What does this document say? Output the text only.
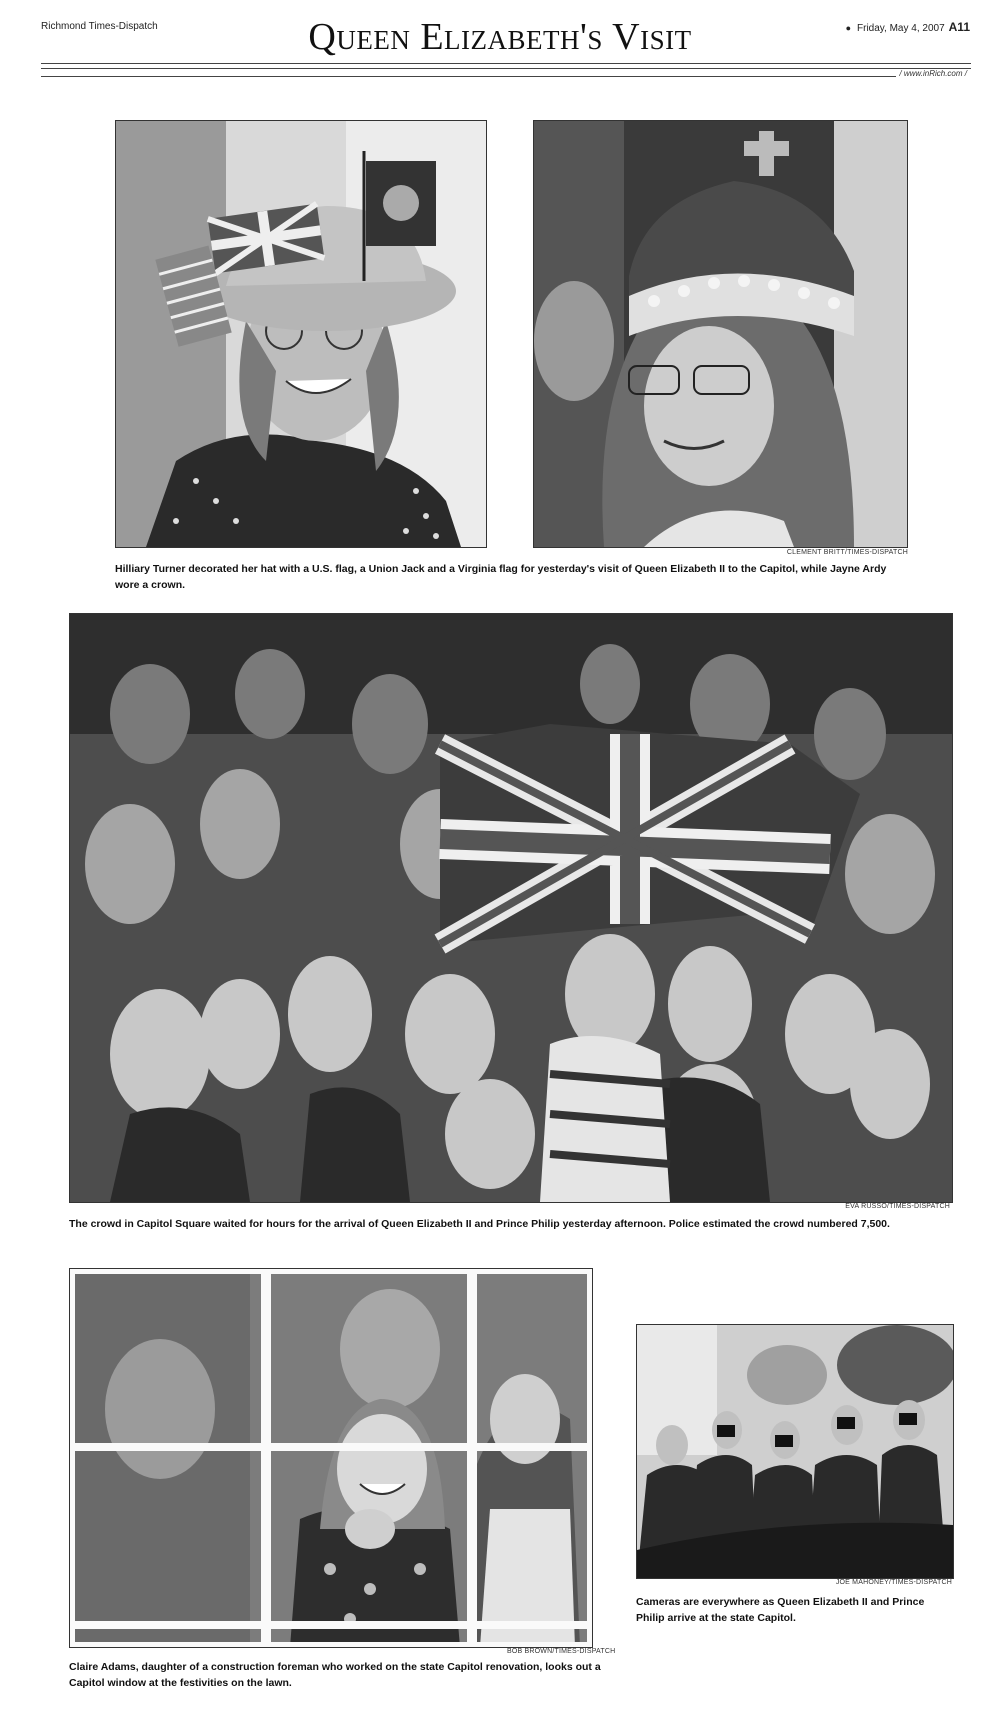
Richmond Times-Dispatch	Queen Elizabeth's Visit	● Friday, May 4, 2007 A11
/ www.inRich.com /
CLEMENT BRITT/TIMES-DISPATCH
Hilliary Turner decorated her hat with a U.S. flag, a Union Jack and a Virginia flag for yesterday's visit of Queen Elizabeth II to the Capitol, while Jayne Ardy wore a crown.
EVA RUSSO/TIMES-DISPATCH
The crowd in Capitol Square waited for hours for the arrival of Queen Elizabeth II and Prince Philip yesterday afternoon. Police estimated the crowd numbered 7,500.
BOB BROWN/TIMES-DISPATCH
Claire Adams, daughter of a construction foreman who worked on the state Capitol renovation, looks out a Capitol window at the festivities on the lawn.
JOE MAHONEY/TIMES-DISPATCH
Cameras are everywhere as Queen Elizabeth II and Prince Philip arrive at the state Capitol.
